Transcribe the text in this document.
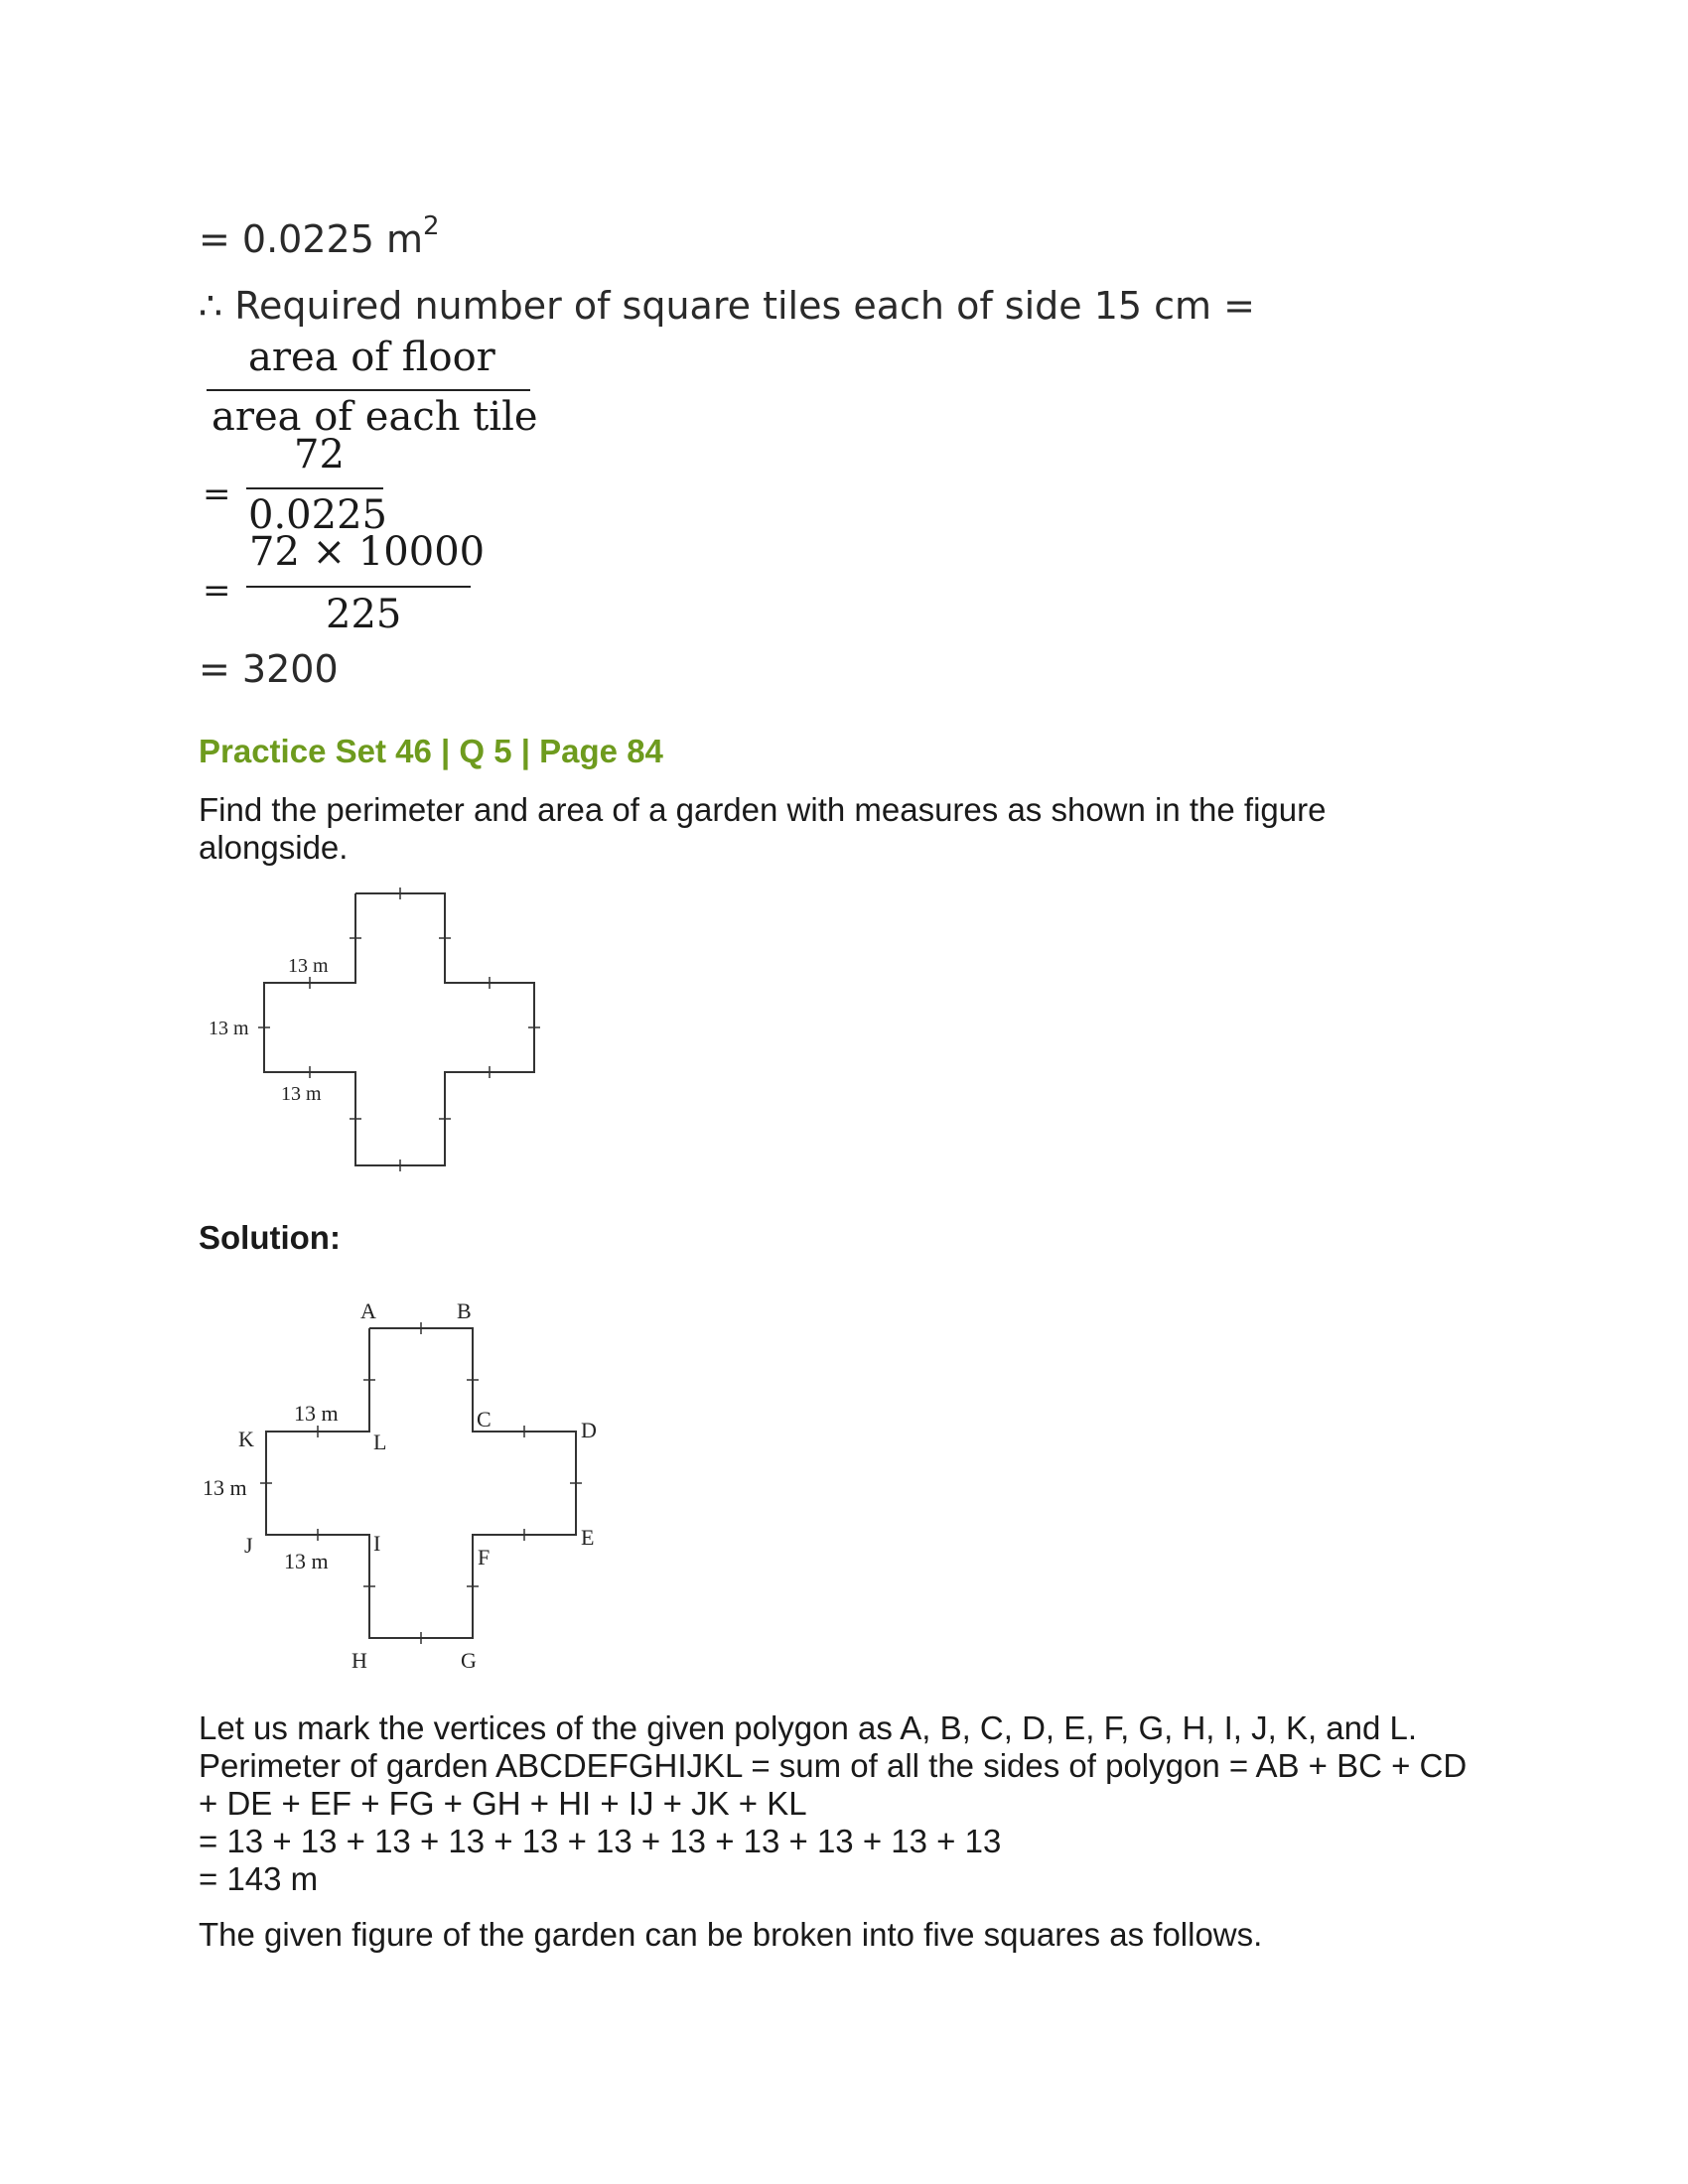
= 0.0225 $m^2$
∴ Required number of square tiles each of side 15 cm =
area of floor
area of each tile
=
72
0.0225
=
72 × 10000
225
= 3200
Practice Set 46 | Q 5 | Page 84
Find the perimeter and area of a garden with measures as shown in the figure
alongside.
13 m
13 m
13 m
Solution:
A	B
C	D
E
F
G
H
I
J
K	L
13 m
13 m
13 m
Let us mark the vertices of the given polygon as A, B, C, D, E, F, G, H, I, J, K, and L.
Perimeter of garden ABCDEFGHIJKL = sum of all the sides of polygon = AB + BC + CD
+ DE + EF + FG + GH + HI + IJ + JK + KL
= 13 + 13 + 13 + 13 + 13 + 13 + 13 + 13 + 13 + 13 + 13
= 143 m
The given figure of the garden can be broken into five squares as follows.
